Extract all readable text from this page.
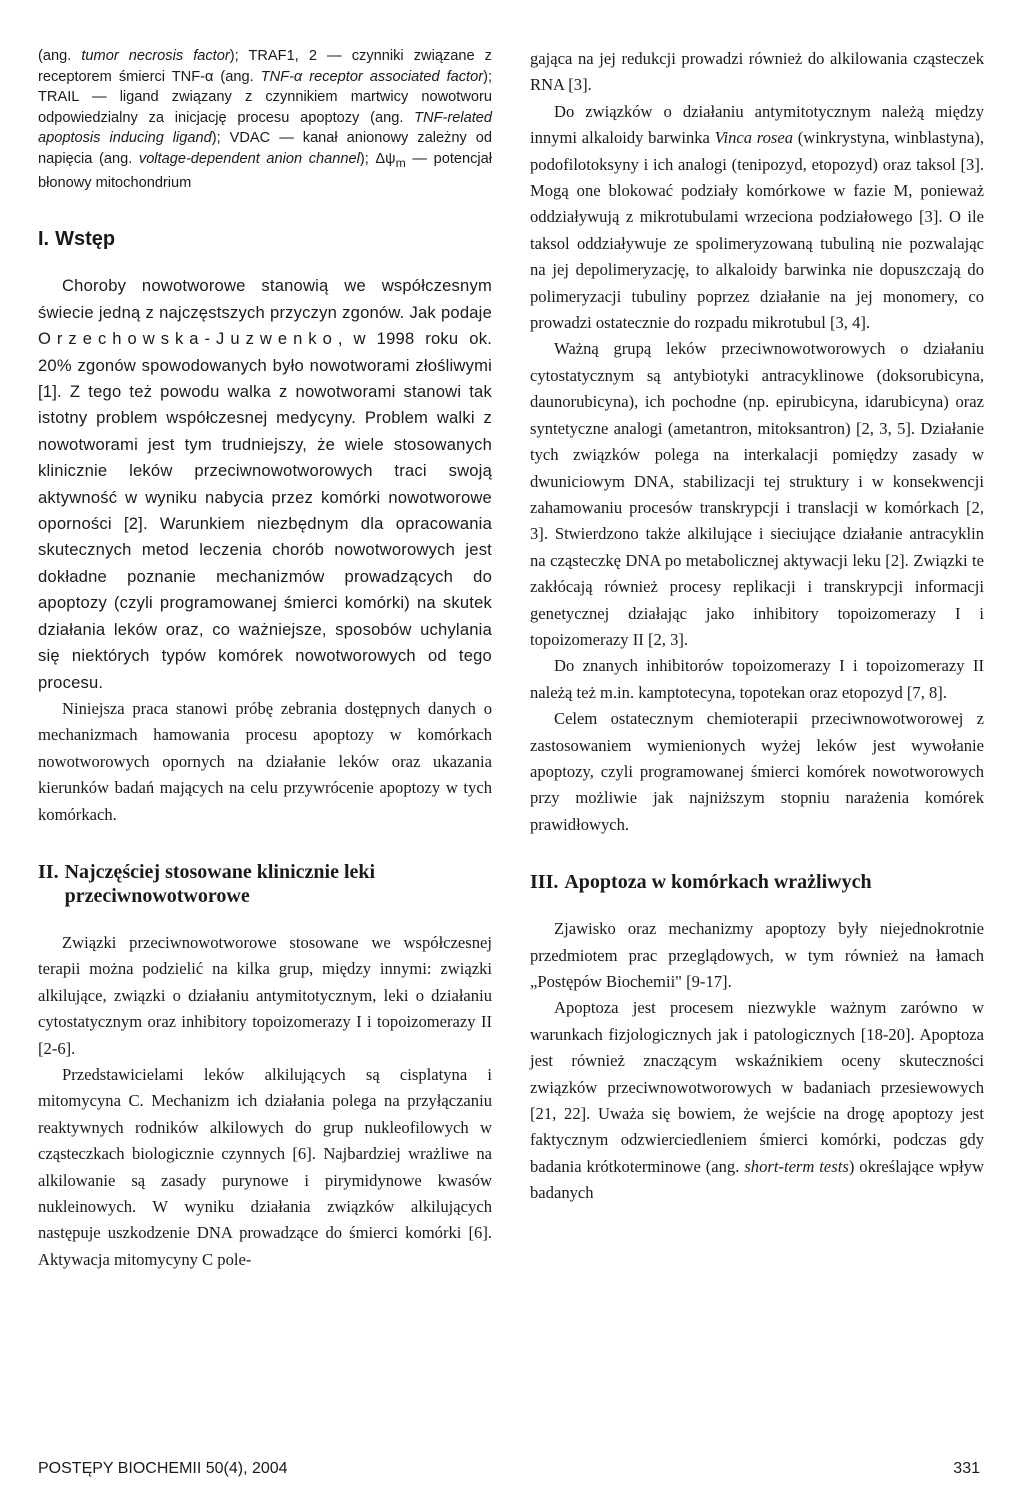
(ang. tumor necrosis factor); TRAF1, 2 — czynniki związane z receptorem śmierci TNF-α (ang. TNF-α receptor associated factor); TRAIL — ligand związany z czynnikiem martwicy nowotworu odpowiedzialny za inicjację procesu apoptozy (ang. TNF-related apoptosis inducing ligand); VDAC — kanał anionowy zależny od napięcia (ang. voltage-dependent anion channel); $\Delta\psi_m$ — potencjał błonowy mitochondrium

I. Wstęp

Choroby nowotworowe stanowią we współczesnym świecie jedną z najczęstszych przyczyn zgonów. Jak podaje Orzechowska-Juzwenko, w 1998 roku ok. 20% zgonów spowodowanych było nowotworami złośliwymi [1]. Z tego też powodu walka z nowotworami stanowi tak istotny problem współczesnej medycyny. Problem walki z nowotworami jest tym trudniejszy, że wiele stosowanych klinicznie leków przeciwnowotworowych traci swoją aktywność w wyniku nabycia przez komórki nowotworowe oporności [2]. Warunkiem niezbędnym dla opracowania skutecznych metod leczenia chorób nowotworowych jest dokładne poznanie mechanizmów prowadzących do apoptozy (czyli programowanej śmierci komórki) na skutek działania leków oraz, co ważniejsze, sposobów uchylania się niektórych typów komórek nowotworowych od tego procesu.

Niniejsza praca stanowi próbę zebrania dostępnych danych o mechanizmach hamowania procesu apoptozy w komórkach nowotworowych opornych na działanie leków oraz ukazania kierunków badań mających na celu przywrócenie apoptozy w tych komórkach.

II. Najczęściej stosowane klinicznie leki przeciwnowotworowe

Związki przeciwnowotworowe stosowane we współczesnej terapii można podzielić na kilka grup, między innymi: związki alkilujące, związki o działaniu antymitotycznym, leki o działaniu cytostatycznym oraz inhibitory topoizomerazy I i topoizomerazy II [2-6].

Przedstawicielami leków alkilujących są cisplatyna i mitomycyna C. Mechanizm ich działania polega na przyłączaniu reaktywnych rodników alkilowych do grup nukleofilowych w cząsteczkach biologicznie czynnych [6]. Najbardziej wrażliwe na alkilowanie są zasady purynowe i pirymidynowe kwasów nukleinowych. W wyniku działania związków alkilujących następuje uszkodzenie DNA prowadzące do śmierci komórki [6]. Aktywacja mitomycyny C pole-

gająca na jej redukcji prowadzi również do alkilowania cząsteczek RNA [3].

Do związków o działaniu antymitotycznym należą między innymi alkaloidy barwinka Vinca rosea (winkrystyna, winblastyna), podofilotoksyny i ich analogi (tenipozyd, etopozyd) oraz taksol [3]. Mogą one blokować podziały komórkowe w fazie M, ponieważ oddziaływują z mikrotubulami wrzeciona podziałowego [3]. O ile taksol oddziaływuje ze spolimeryzowaną tubuliną nie pozwalając na jej depolimeryzację, to alkaloidy barwinka nie dopuszczają do polimeryzacji tubuliny poprzez działanie na jej monomery, co prowadzi ostatecznie do rozpadu mikrotubul [3, 4].

Ważną grupą leków przeciwnowotworowych o działaniu cytostatycznym są antybiotyki antracyklinowe (doksorubicyna, daunorubicyna), ich pochodne (np. epirubicyna, idarubicyna) oraz syntetyczne analogi (ametantron, mitoksantron) [2, 3, 5]. Działanie tych związków polega na interkalacji pomiędzy zasady w dwuniciowym DNA, stabilizacji tej struktury i w konsekwencji zahamowaniu procesów transkrypcji i translacji w komórkach [2, 3]. Stwierdzono także alkilujące i sieciujące działanie antracyklin na cząsteczkę DNA po metabolicznej aktywacji leku [2]. Związki te zakłócają również procesy replikacji i transkrypcji informacji genetycznej działając jako inhibitory topoizomerazy I i topoizomerazy II [2, 3].

Do znanych inhibitorów topoizomerazy I i topoizomerazy II należą też m.in. kamptotecyna, topotekan oraz etopozyd [7, 8].

Celem ostatecznym chemioterapii przeciwnowotworowej z zastosowaniem wymienionych wyżej leków jest wywołanie apoptozy, czyli programowanej śmierci komórek nowotworowych przy możliwie jak najniższym stopniu narażenia komórek prawidłowych.

III. Apoptoza w komórkach wrażliwych

Zjawisko oraz mechanizmy apoptozy były niejednokrotnie przedmiotem prac przeglądowych, w tym również na łamach „Postępów Biochemii" [9-17].

Apoptoza jest procesem niezwykle ważnym zarówno w warunkach fizjologicznych jak i patologicznych [18-20]. Apoptoza jest również znaczącym wskaźnikiem oceny skuteczności związków przeciwnowotworowych w badaniach przesiewowych [21, 22]. Uważa się bowiem, że wejście na drogę apoptozy jest faktycznym odzwierciedleniem śmierci komórki, podczas gdy badania krótkoterminowe (ang. short-term tests) określające wpływ badanych

POSTĘPY BIOCHEMII 50(4), 2004	331
